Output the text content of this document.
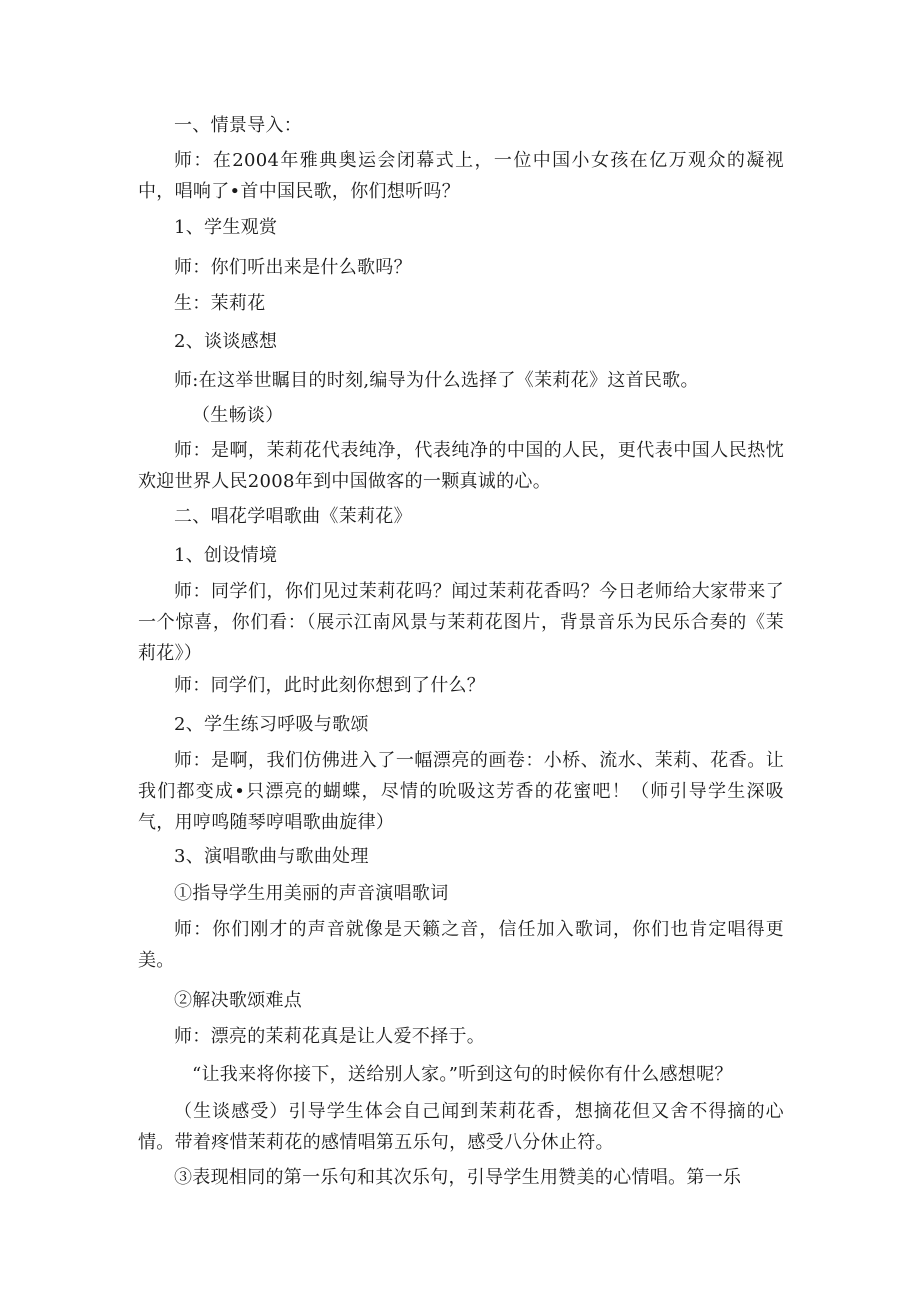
一、情景导入：

师：在2004年雅典奥运会闭幕式上，一位中国小女孩在亿万观众的凝视中，唱响了•首中国民歌，你们想听吗？

1、学生观赏

师：你们听出来是什么歌吗？

生：茉莉花

2、谈谈感想

师:在这举世瞩目的时刻,编导为什么选择了《茉莉花》这首民歌。

（生畅谈）

师：是啊，茉莉花代表纯净，代表纯净的中国的人民，更代表中国人民热忱欢迎世界人民2008年到中国做客的一颗真诚的心。

二、唱花学唱歌曲《茉莉花》

1、创设情境

师：同学们，你们见过茉莉花吗？闻过茉莉花香吗？今日老师给大家带来了一个惊喜，你们看：（展示江南风景与茉莉花图片，背景音乐为民乐合奏的《茉莉花》）

师：同学们，此时此刻你想到了什么？

2、学生练习呼吸与歌颂

师：是啊，我们仿佛进入了一幅漂亮的画卷：小桥、流水、茉莉、花香。让我们都变成•只漂亮的蝴蝶，尽情的吮吸这芳香的花蜜吧！（师引导学生深吸气，用哼鸣随琴哼唱歌曲旋律）

3、演唱歌曲与歌曲处理

①指导学生用美丽的声音演唱歌词

师：你们刚才的声音就像是天籁之音，信任加入歌词，你们也肯定唱得更美。

②解决歌颂难点

师：漂亮的茉莉花真是让人爱不择于。

“让我来将你接下，送给别人家。”听到这句的时候你有什么感想呢？

（生谈感受）引导学生体会自己闻到茉莉花香，想摘花但又舍不得摘的心情。带着疼惜茉莉花的感情唱第五乐句，感受八分休止符。

③表现相同的第一乐句和其次乐句，引导学生用赞美的心情唱。第一乐
